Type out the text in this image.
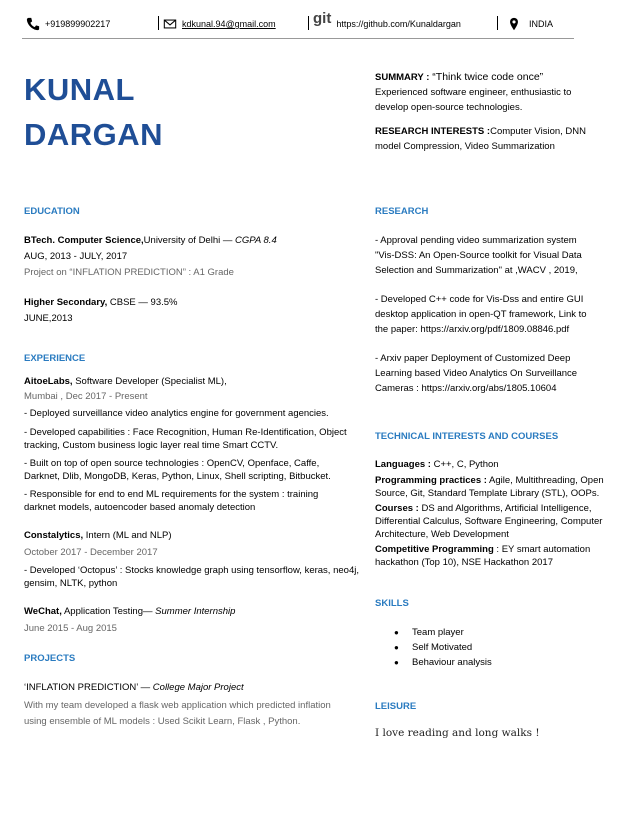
+919899902217	kdkunal.94@gmail.com git https://github.com/Kunaldargan	INDIA
KUNAL
DARGAN
SUMMARY : “Think twice code once”
Experienced software engineer, enthusiastic to
develop open-source technologies.
RESEARCH INTERESTS :Computer Vision, DNN
model Compression, Video Summarization
EDUCATION
BTech. Computer Science,University of Delhi — CGPA 8.4
AUG, 2013 - JULY, 2017
Project on “INFLATION PREDICTION” : A1 Grade
Higher Secondary, CBSE — 93.5%
JUNE,2013
EXPERIENCE
AitoeLabs, Software Developer (Specialist ML),
Mumbai , Dec 2017 - Present
- Deployed surveillance video analytics engine for government agencies.
- Developed capabilities : Face Recognition, Human Re-Identification, Object
tracking, Custom business logic layer real time Smart CCTV.
- Built on top of open source technologies : OpenCV, Openface, Caffe,
Darknet, Dlib, MongoDB, Keras, Python, Linux, Shell scripting, Bitbucket.
- Responsible for end to end ML requirements for the system : training
darknet models, autoencoder based anomaly detection
Constalytics, Intern (ML and NLP)
October 2017 - December 2017
- Developed ‘Octopus’ : Stocks knowledge graph using tensorflow, keras, neo4j,
gensim, NLTK, python
WeChat, Application Testing— Summer Internship
June 2015 - Aug 2015
PROJECTS
‘INFLATION PREDICTION’ — College Major Project
With my team developed a flask web application which predicted inflation
using ensemble of ML models : Used Scikit Learn, Flask , Python.
RESEARCH
- Approval pending video summarization system
"Vis-DSS: An Open-Source toolkit for Visual Data
Selection and Summarization" at ,WACV , 2019,
- Developed C++ code for Vis-Dss and entire GUI
desktop application in open-QT framework, Link to
the paper: https://arxiv.org/pdf/1809.08846.pdf
- Arxiv paper Deployment of Customized Deep
Learning based Video Analytics On Surveillance
Cameras : https://arxiv.org/abs/1805.10604
TECHNICAL INTERESTS AND COURSES
Languages : C++, C, Python
Programming practices : Agile, Multithreading, Open
Source, Git, Standard Template Library (STL), OOPs.
Courses : DS and Algorithms, Artificial Intelligence,
Differential Calculus, Software Engineering, Computer
Architecture, Web Development
Competitive Programming : EY smart automation
hackathon (Top 10), NSE Hackathon 2017
SKILLS
● Team player
● Self Motivated
● Behaviour analysis
LEISURE
I love reading and long walks !
